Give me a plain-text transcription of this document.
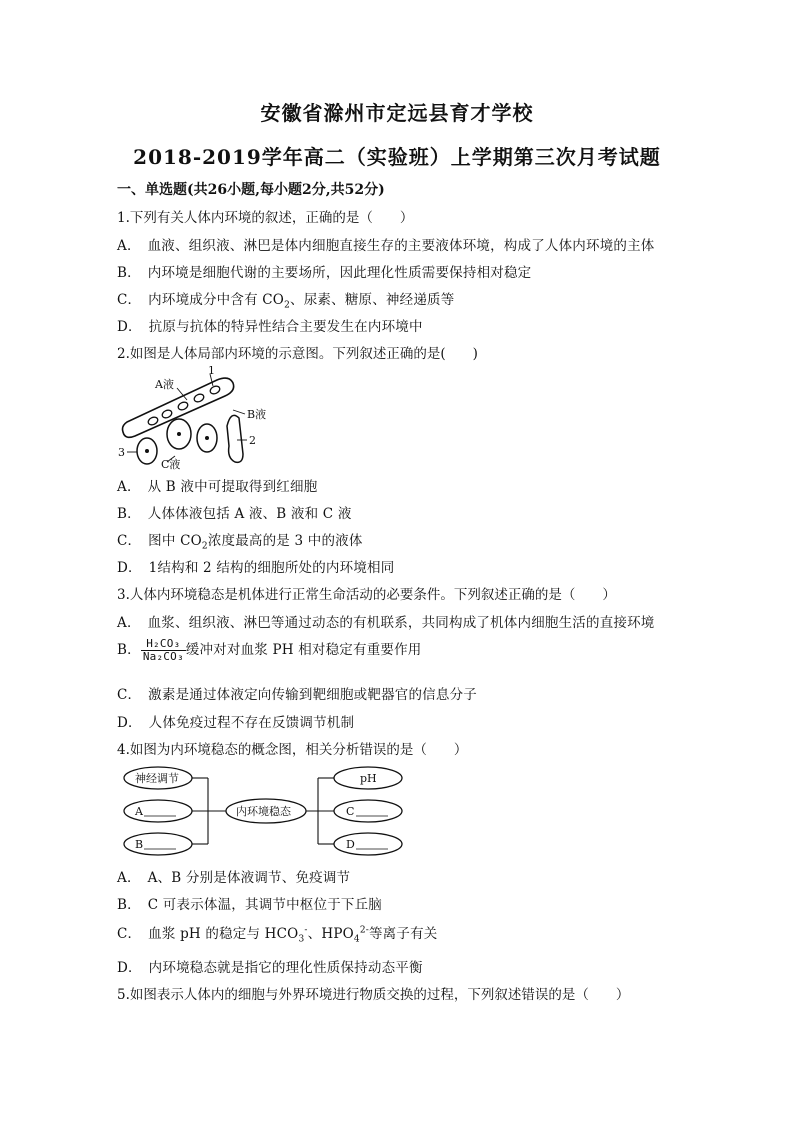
安徽省滁州市定远县育才学校
2018-2019学年高二（实验班）上学期第三次月考试题
一、单选题(共26小题,每小题2分,共52分)
1.下列有关人体内环境的叙述，正确的是（　　）
A．　血液、组织液、淋巴是体内细胞直接生存的主要液体环境，构成了人体内环境的主体
B．　内环境是细胞代谢的主要场所，因此理化性质需要保持相对稳定
C．　内环境成分中含有 $CO_2$、尿素、糖原、神经递质等
D．　抗原与抗体的特异性结合主要发生在内环境中
2.如图是人体局部内环境的示意图。下列叙述正确的是(　　)
A液
1
B液
2
3
C液
A．　从 B 液中可提取得到红细胞
B．　人体体液包括 A 液、B 液和 C 液
C．　图中 $CO_2$浓度最高的是 3 中的液体
D．　1结构和 2 结构的细胞所处的内环境相同
3.人体内环境稳态是机体进行正常生命活动的必要条件。下列叙述正确的是（　　）
A．　血浆、组织液、淋巴等通过动态的有机联系，共同构成了机体内细胞生活的直接环境
B． $\frac{\text{H₂CO₃}}{\text{Na₂CO₃}}$ 缓冲对对血浆 PH 相对稳定有重要作用
C．　激素是通过体液定向传输到靶细胞或靶器官的信息分子
D．　人体免疫过程不存在反馈调节机制
4.如图为内环境稳态的概念图，相关分析错误的是（　　）
神经调节
A
B
内环境稳态
pH
C
D
A．　A、B 分别是体液调节、免疫调节
B．　C 可表示体温，其调节中枢位于下丘脑
C．　血浆 pH 的稳定与 $HCO_3^-$、$HPO_4^{2-}$等离子有关
D．　内环境稳态就是指它的理化性质保持动态平衡
5.如图表示人体内的细胞与外界环境进行物质交换的过程，下列叙述错误的是（　　）
